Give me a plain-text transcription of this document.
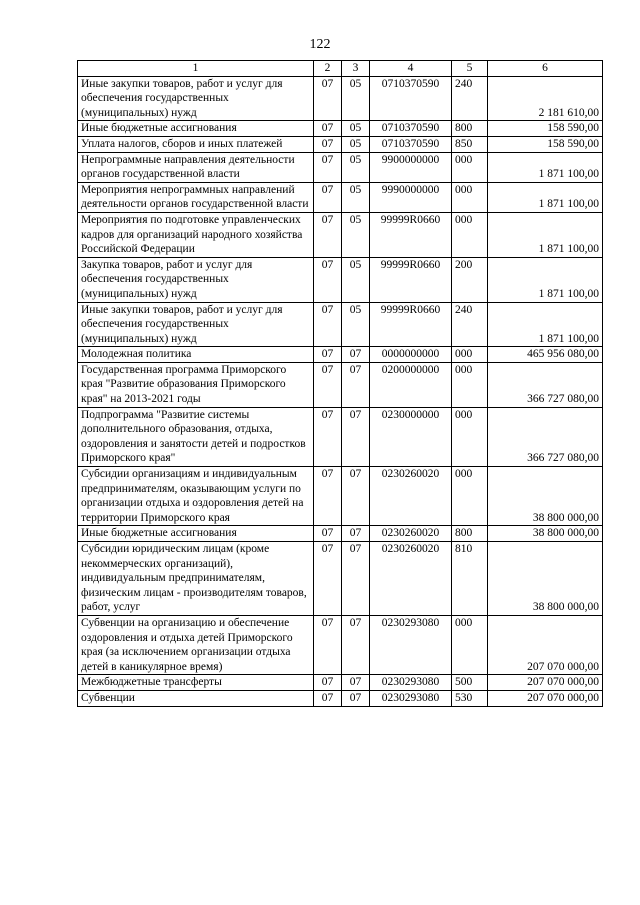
122
1	2	3	4	5	6
Иные закупки товаров, работ и услуг для обеспечения государственных (муниципальных) нужд	07	05	0710370590	240	2 181 610,00
Иные бюджетные ассигнования	07	05	0710370590	800	158 590,00
Уплата налогов, сборов и иных платежей	07	05	0710370590	850	158 590,00
Непрограммные направления деятельности органов государственной власти	07	05	9900000000	000	1 871 100,00
Мероприятия непрограммных направлений деятельности органов государственной власти	07	05	9990000000	000	1 871 100,00
Мероприятия по подготовке управленческих кадров для организаций народного хозяйства Российской Федерации	07	05	99999R0660	000	1 871 100,00
Закупка товаров, работ и услуг для обеспечения государственных (муниципальных) нужд	07	05	99999R0660	200	1 871 100,00
Иные закупки товаров, работ и услуг для обеспечения государственных (муниципальных) нужд	07	05	99999R0660	240	1 871 100,00
Молодежная политика	07	07	0000000000	000	465 956 080,00
Государственная программа Приморского края "Развитие образования Приморского края" на 2013-2021 годы	07	07	0200000000	000	366 727 080,00
Подпрограмма "Развитие системы дополнительного образования, отдыха, оздоровления и занятости детей и подростков Приморского края"	07	07	0230000000	000	366 727 080,00
Субсидии организациям и индивидуальным предпринимателям, оказывающим услуги по организации отдыха и оздоровления детей на территории Приморского края	07	07	0230260020	000	38 800 000,00
Иные бюджетные ассигнования	07	07	0230260020	800	38 800 000,00
Субсидии юридическим лицам (кроме некоммерческих организаций), индивидуальным предпринимателям, физическим лицам - производителям товаров, работ, услуг	07	07	0230260020	810	38 800 000,00
Субвенции на организацию и обеспечение оздоровления и отдыха детей Приморского края (за исключением организации отдыха детей в каникулярное время)	07	07	0230293080	000	207 070 000,00
Межбюджетные трансферты	07	07	0230293080	500	207 070 000,00
Субвенции	07	07	0230293080	530	207 070 000,00
